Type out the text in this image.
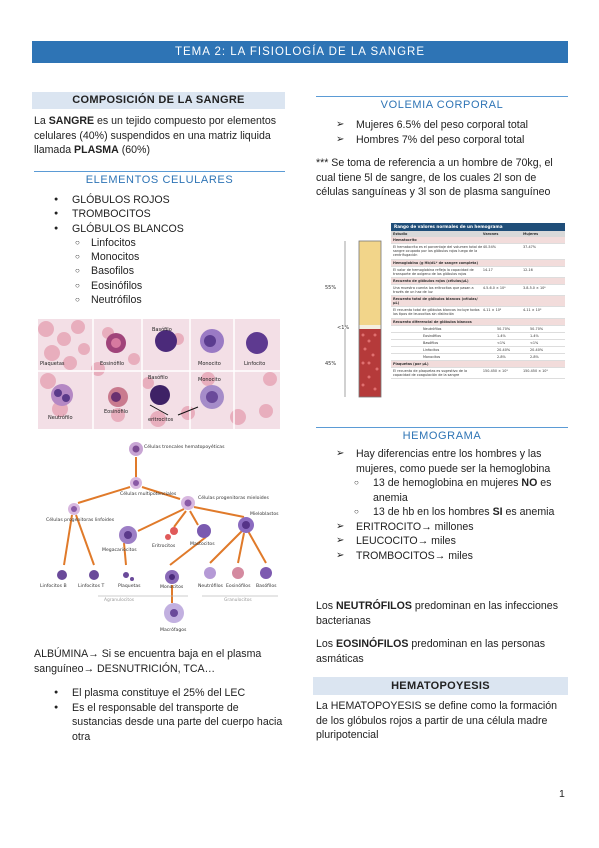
TEMA 2: LA FISIOLOGÍA DE LA SANGRE
COMPOSICIÓN DE LA SANGRE
La SANGRE es un tejido compuesto por elementos celulares (40%) suspendidos en una matriz liquida llamada PLASMA (60%)
ELEMENTOS CELULARES
● GLÓBULOS ROJOS
● TROMBOCITOS
● GLÓBULOS BLANCOS
○ Linfocitos
○ Monocitos
○ Basofilos
○ Eosinófilos
○ Neutrófilos
Plaquetas	Eosinófilo
Basófilo
Monocito	Linfocito
Basófilo	Monocito
Neutrófilo
Eosinófilo
eritrocitos
Células troncales hematopoyéticas
Células multipotenciales
Células progenitoras linfoides
Células progenitoras mieloides
Megacariocitos
Eritrocitos	Mastocitos
Mieloblastos
Linfocitos B Linfocitos T	Plaquetas	Monocitos	Neutrófilos Eosinófilos Basófilos
Macrófagos
Agranulocitos	Granulocitos
ALBÚMINA→ Si se encuentra baja en el plasma sanguíneo→ DESNUTRICIÓN, TCA…
● El plasma constituye el 25% del LEC
● Es el responsable del transporte de sustancias desde una parte del cuerpo hacia otra
VOLEMIA CORPORAL
➢ Mujeres 6.5% del peso corporal total
➢ Hombres 7% del peso corporal total
*** Se toma de referencia a un hombre de 70kg, el cual tiene 5l de sangre, de los cuales 2l son de células sanguíneas y 3l son de plasma sanguíneo
55%
<1%
45%
Rango de valores normales de un hemograma
Estudio	Varones	Mujeres
Hematocrito
El hematocrito es el porcentaje del volumen total de sangre ocupado por los glóbulos rojos luego de la centrifugación
40-54%	37-47%
Hemoglobina (g Hb/dL* de sangre completa)
El valor de hemoglobina refleja la capacidad de transporte de oxígeno de los glóbulos rojos
14-17	12-16
Recuento de glóbulos rojos (células/µL)
Una muestra cuenta los eritrocitos que pasan a través de un haz de luz
4.5-6.0 × 10⁶	3.8-5.0 × 10⁶
Recuento total de glóbulos blancos (células/µL)
El recuento total de glóbulos blancos incluye todos los tipos de leucocitos sin distinción
4-11 × 10³	4-11 × 10³
Recuento diferencial de glóbulos blancos
Neutrófilos	50-70%	50-70%
Eosinófilos	1-4%	1-4%
Basófilos	<1%	<1%
Linfocitos	20-40%	20-40%
Monocitos	2-8%	2-8%
Plaquetas (por µL)
El recuento de plaquetas es sugestivo de la capacidad de coagulación de la sangre
150-450 × 10³	150-450 × 10³
HEMOGRAMA
➢ Hay diferencias entre los hombres y las mujeres, como puede ser la hemoglobina
○ 13 de hemoglobina en mujeres NO es anemia
○ 13 de hb en los hombres SI es anemia
➢ ERITROCITO→ millones
➢ LEUCOCITO→ miles
➢ TROMBOCITOS→ miles
Los NEUTRÓFILOS predominan en las infecciones bacterianas
Los EOSINÓFILOS predominan en las personas asmáticas
HEMATOPOYESIS
La HEMATOPOYESIS se define como la formación de los glóbulos rojos a partir de una célula madre pluripotencial
1
